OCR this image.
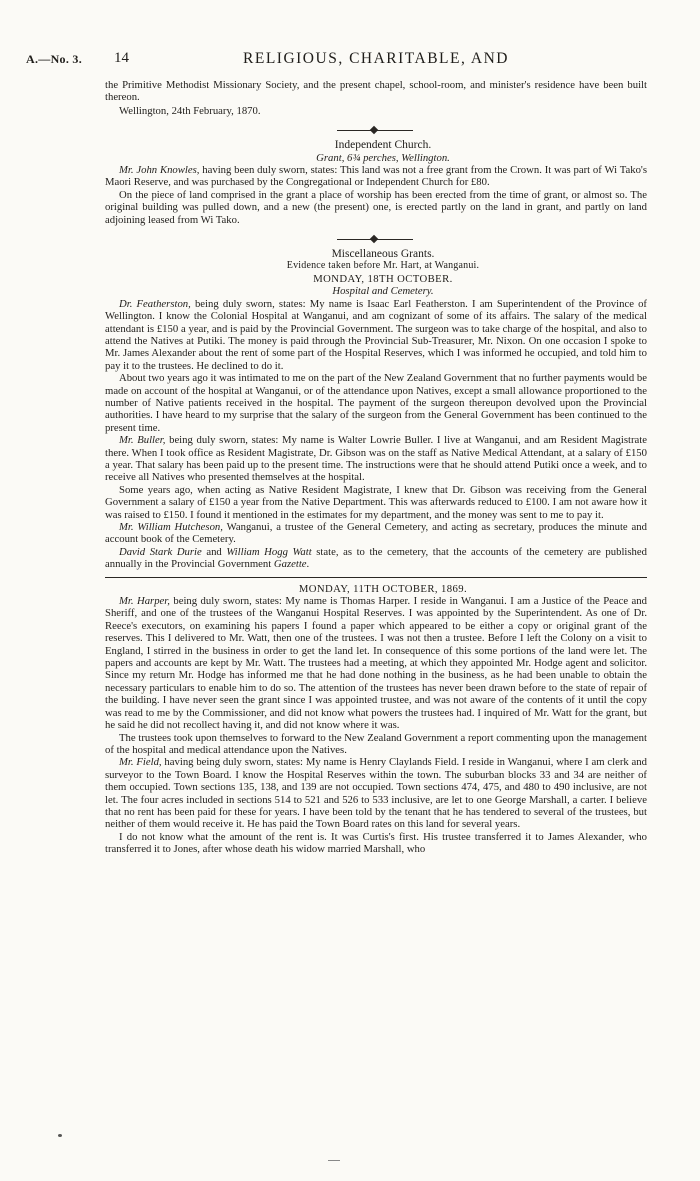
RELIGIOUS, CHARITABLE, AND
A.—No. 3. 14

the Primitive Methodist Missionary Society, and the present chapel, school-room, and minister's residence have been built thereon.

Wellington, 24th February, 1870.

Independent Church.

Grant, 6¾ perches, Wellington.

Mr. John Knowles, having been duly sworn, states: This land was not a free grant from the Crown. It was part of Wi Tako's Maori Reserve, and was purchased by the Congregational or Independent Church for £80.

On the piece of land comprised in the grant a place of worship has been erected from the time of grant, or almost so. The original building was pulled down, and a new (the present) one, is erected partly on the land in grant, and partly on land adjoining leased from Wi Tako.

Miscellaneous Grants.

Evidence taken before Mr. Hart, at Wanganui.

MONDAY, 18TH OCTOBER.

Hospital and Cemetery.

Dr. Featherston, being duly sworn, states: My name is Isaac Earl Featherston. I am Superintendent of the Province of Wellington. I know the Colonial Hospital at Wanganui, and am cognizant of some of its affairs. The salary of the medical attendant is £150 a year, and is paid by the Provincial Government. The surgeon was to take charge of the hospital, and also to attend the Natives at Putiki. The money is paid through the Provincial Sub-Treasurer, Mr. Nixon. On one occasion I spoke to Mr. James Alexander about the rent of some part of the Hospital Reserves, which I was informed he occupied, and told him to pay it to the trustees. He declined to do it.

About two years ago it was intimated to me on the part of the New Zealand Government that no further payments would be made on account of the hospital at Wanganui, or of the attendance upon Natives, except a small allowance proportioned to the number of Native patients received in the hospital. The payment of the surgeon thereupon devolved upon the Provincial authorities. I have heard to my surprise that the salary of the surgeon from the General Government has been continued to the present time.

Mr. Buller, being duly sworn, states: My name is Walter Lowrie Buller. I live at Wanganui, and am Resident Magistrate there. When I took office as Resident Magistrate, Dr. Gibson was on the staff as Native Medical Attendant, at a salary of £150 a year. That salary has been paid up to the present time. The instructions were that he should attend Putiki once a week, and to receive all Natives who presented themselves at the hospital.

Some years ago, when acting as Native Resident Magistrate, I knew that Dr. Gibson was receiving from the General Government a salary of £150 a year from the Native Department. This was afterwards reduced to £100. I am not aware how it was raised to £150. I found it mentioned in the estimates for my department, and the money was sent to me to pay it.

Mr. William Hutcheson, Wanganui, a trustee of the General Cemetery, and acting as secretary, produces the minute and account book of the Cemetery.

David Stark Durie and William Hogg Watt state, as to the cemetery, that the accounts of the cemetery are published annually in the Provincial Government Gazette.

MONDAY, 11TH OCTOBER, 1869.

Mr. Harper, being duly sworn, states: My name is Thomas Harper. I reside in Wanganui. I am a Justice of the Peace and Sheriff, and one of the trustees of the Wanganui Hospital Reserves. I was appointed by the Superintendent. As one of Dr. Reece's executors, on examining his papers I found a paper which appeared to be either a copy or original grant of the reserves. This I delivered to Mr. Watt, then one of the trustees. I was not then a trustee. Before I left the Colony on a visit to England, I stirred in the business in order to get the land let. In consequence of this some portions of the land were let. The papers and accounts are kept by Mr. Watt. The trustees had a meeting, at which they appointed Mr. Hodge agent and solicitor. Since my return Mr. Hodge has informed me that he had done nothing in the business, as he had been unable to obtain the necessary particulars to enable him to do so. The attention of the trustees has never been drawn before to the state of repair of the building. I have never seen the grant since I was appointed trustee, and was not aware of the contents of it until the copy was read to me by the Commissioner, and did not know what powers the trustees had. I inquired of Mr. Watt for the grant, but he said he did not recollect having it, and did not know where it was.

The trustees took upon themselves to forward to the New Zealand Government a report commenting upon the management of the hospital and medical attendance upon the Natives.

Mr. Field, having being duly sworn, states: My name is Henry Claylands Field. I reside in Wanganui, where I am clerk and surveyor to the Town Board. I know the Hospital Reserves within the town. The suburban blocks 33 and 34 are neither of them occupied. Town sections 135, 138, and 139 are not occupied. Town sections 474, 475, and 480 to 490 inclusive, are not let. The four acres included in sections 514 to 521 and 526 to 533 inclusive, are let to one George Marshall, a carter. I believe that no rent has been paid for these for years. I have been told by the tenant that he has tendered to several of the trustees, but neither of them would receive it. He has paid the Town Board rates on this land for several years.

I do not know what the amount of the rent is. It was Curtis's first. His trustee transferred it to James Alexander, who transferred it to Jones, after whose death his widow married Marshall, who
